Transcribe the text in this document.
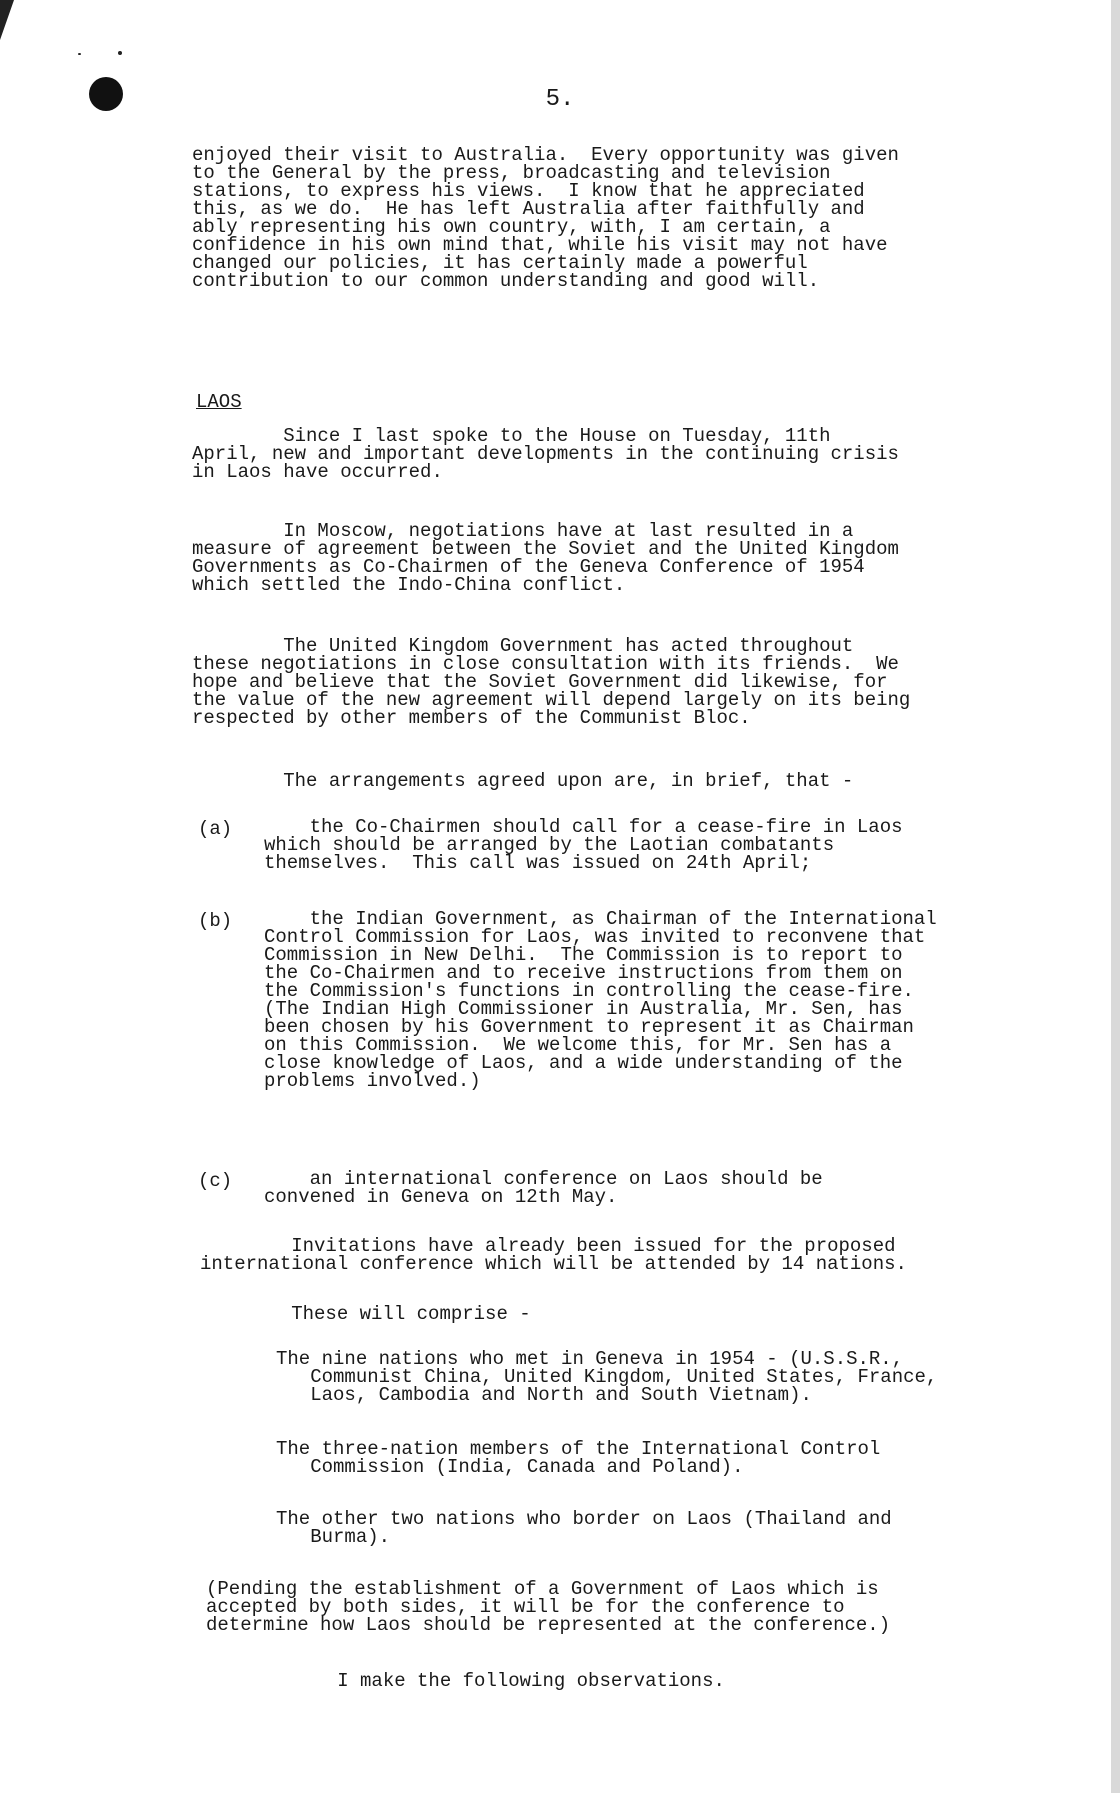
5.
enjoyed their visit to Australia.  Every opportunity was given
to the General by the press, broadcasting and television
stations, to express his views.  I know that he appreciated
this, as we do.  He has left Australia after faithfully and
ably representing his own country, with, I am certain, a
confidence in his own mind that, while his visit may not have
changed our policies, it has certainly made a powerful
contribution to our common understanding and good will.
LAOS
Since I last spoke to the House on Tuesday, 11th
April, new and important developments in the continuing crisis
in Laos have occurred.
In Moscow, negotiations have at last resulted in a
measure of agreement between the Soviet and the United Kingdom
Governments as Co-Chairmen of the Geneva Conference of 1954
which settled the Indo-China conflict.
The United Kingdom Government has acted throughout
these negotiations in close consultation with its friends.  We
hope and believe that the Soviet Government did likewise, for
the value of the new agreement will depend largely on its being
respected by other members of the Communist Bloc.
The arrangements agreed upon are, in brief, that -
(a) the Co-Chairmen should call for a cease-fire in Laos
which should be arranged by the Laotian combatants
themselves.  This call was issued on 24th April;
(b) the Indian Government, as Chairman of the International
Control Commission for Laos, was invited to reconvene that
Commission in New Delhi.  The Commission is to report to
the Co-Chairmen and to receive instructions from them on
the Commission's functions in controlling the cease-fire.
(The Indian High Commissioner in Australia, Mr. Sen, has
been chosen by his Government to represent it as Chairman
on this Commission.  We welcome this, for Mr. Sen has a
close knowledge of Laos, and a wide understanding of the
problems involved.)
(c) an international conference on Laos should be
convened in Geneva on 12th May.
Invitations have already been issued for the proposed
international conference which will be attended by 14 nations.
These will comprise -
The nine nations who met in Geneva in 1954 - (U.S.S.R.,
Communist China, United Kingdom, United States, France,
Laos, Cambodia and North and South Vietnam).
The three-nation members of the International Control
Commission (India, Canada and Poland).
The other two nations who border on Laos (Thailand and
Burma).
(Pending the establishment of a Government of Laos which is
accepted by both sides, it will be for the conference to
determine how Laos should be represented at the conference.)
I make the following observations.
